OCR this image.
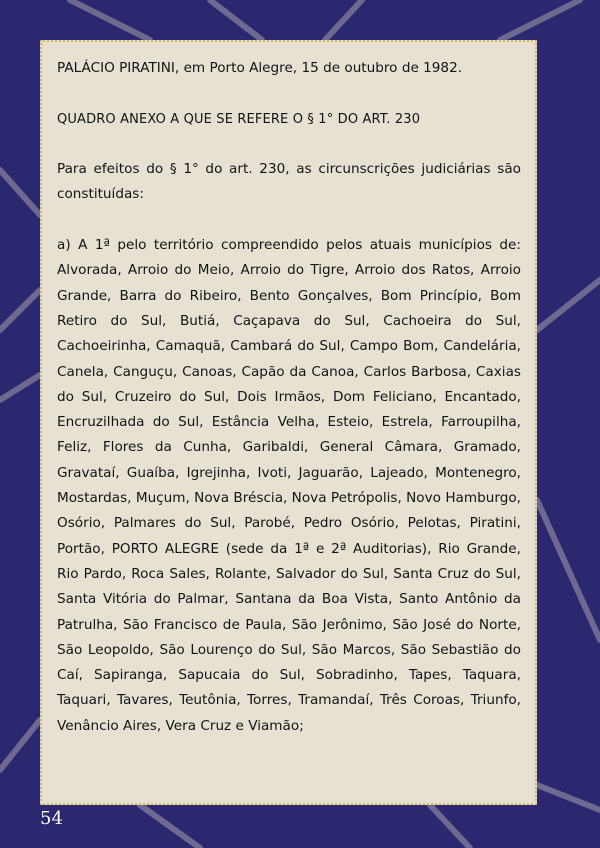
PALÁCIO PIRATINI, em Porto Alegre, 15 de outubro de 1982.

QUADRO ANEXO A QUE SE REFERE O § 1° DO ART. 230

Para efeitos do § 1° do art. 230, as circunscrições judiciárias são constituídas:

a) A 1ª pelo território compreendido pelos atuais municípios de: Alvorada, Arroio do Meio, Arroio do Tigre, Arroio dos Ratos, Arroio Grande, Barra do Ribeiro, Bento Gonçalves, Bom Princípio, Bom Retiro do Sul, Butiá, Caçapava do Sul, Cachoeira do Sul, Cachoeirinha, Camaquã, Cambará do Sul, Campo Bom, Candelária, Canela, Canguçu, Canoas, Capão da Canoa, Carlos Barbosa, Caxias do Sul, Cruzeiro do Sul, Dois Irmãos, Dom Feliciano, Encantado, Encruzilhada do Sul, Estância Velha, Esteio, Estrela, Farroupilha, Feliz, Flores da Cunha, Garibaldi, General Câmara, Gramado, Gravataí, Guaíba, Igrejinha, Ivoti, Jaguarão, Lajeado, Montenegro, Mostardas, Muçum, Nova Bréscia, Nova Petrópolis, Novo Hamburgo, Osório, Palmares do Sul, Parobé, Pedro Osório, Pelotas, Piratini, Portão, PORTO ALEGRE (sede da 1ª e 2ª Auditorias), Rio Grande, Rio Pardo, Roca Sales, Rolante, Salvador do Sul, Santa Cruz do Sul, Santa Vitória do Palmar, Santana da Boa Vista, Santo Antônio da Patrulha, São Francisco de Paula, São Jerônimo, São José do Norte, São Leopoldo, São Lourenço do Sul, São Marcos, São Sebastião do Caí, Sapiranga, Sapucaia do Sul, Sobradinho, Tapes, Taquara, Taquari, Tavares, Teutônia, Torres, Tramandaí, Três Coroas, Triunfo, Venâncio Aires, Vera Cruz e Viamão;

54
